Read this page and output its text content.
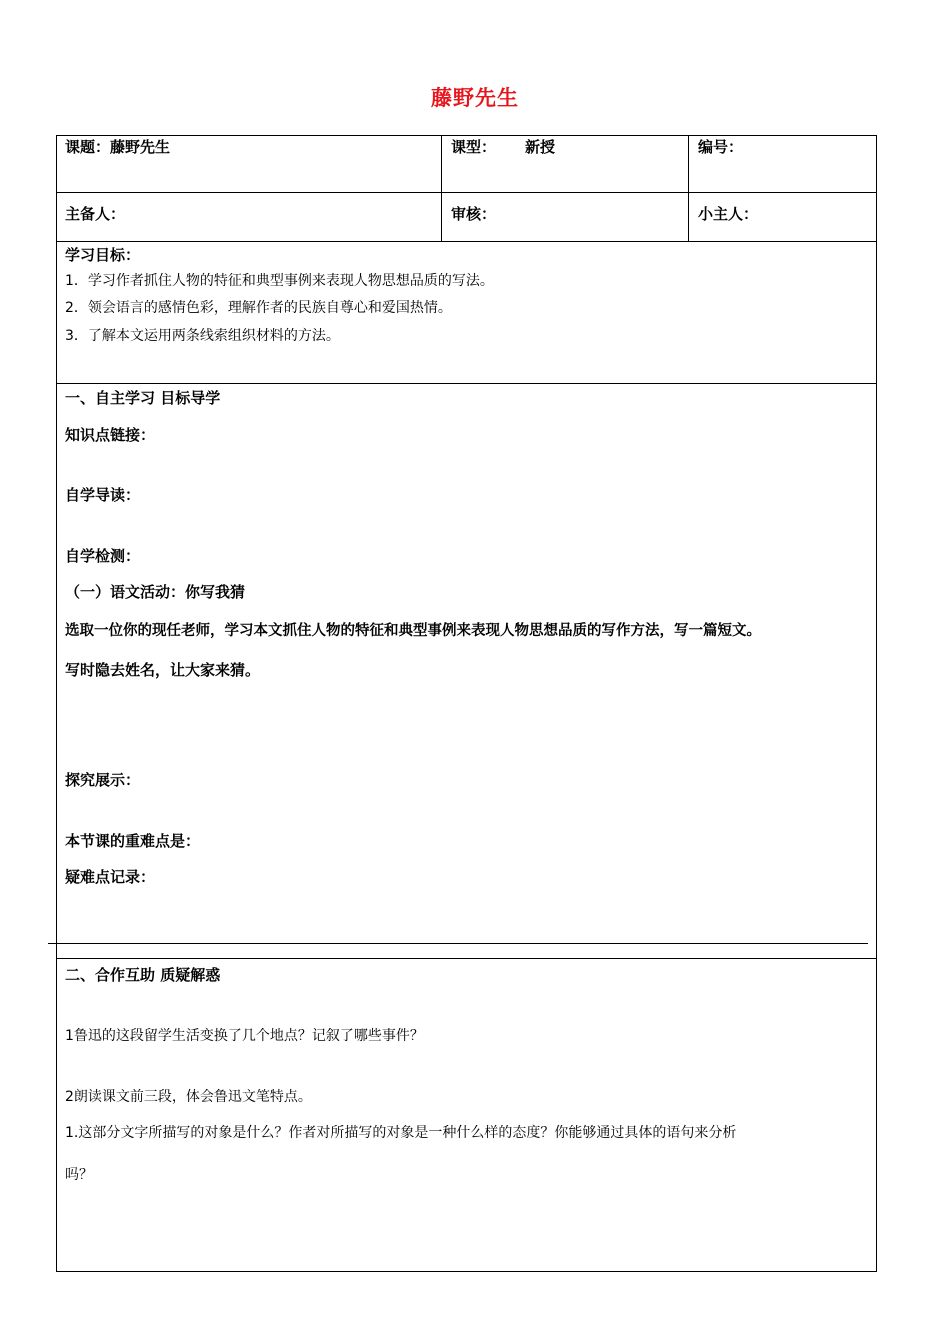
藤野先生
课题：藤野先生	课型： 新授	编号：
主备人：	审核：	小主人：
学习目标：
1．学习作者抓住人物的特征和典型事例来表现人物思想品质的写法。
2．领会语言的感情色彩，理解作者的民族自尊心和爱国热情。
3．了解本文运用两条线索组织材料的方法。
一、自主学习 目标导学
知识点链接：
自学导读：
自学检测：
（一）语文活动：你写我猜
选取一位你的现任老师，学习本文抓住人物的特征和典型事例来表现人物思想品质的写作方法，写一篇短文。
写时隐去姓名，让大家来猜。
探究展示：
本节课的重难点是：
疑难点记录：
二、合作互助 质疑解惑
1鲁迅的这段留学生活变换了几个地点？记叙了哪些事件？
2朗读课文前三段，体会鲁迅文笔特点。
1.这部分文字所描写的对象是什么？作者对所描写的对象是一种什么样的态度？你能够通过具体的语句来分析
吗？
